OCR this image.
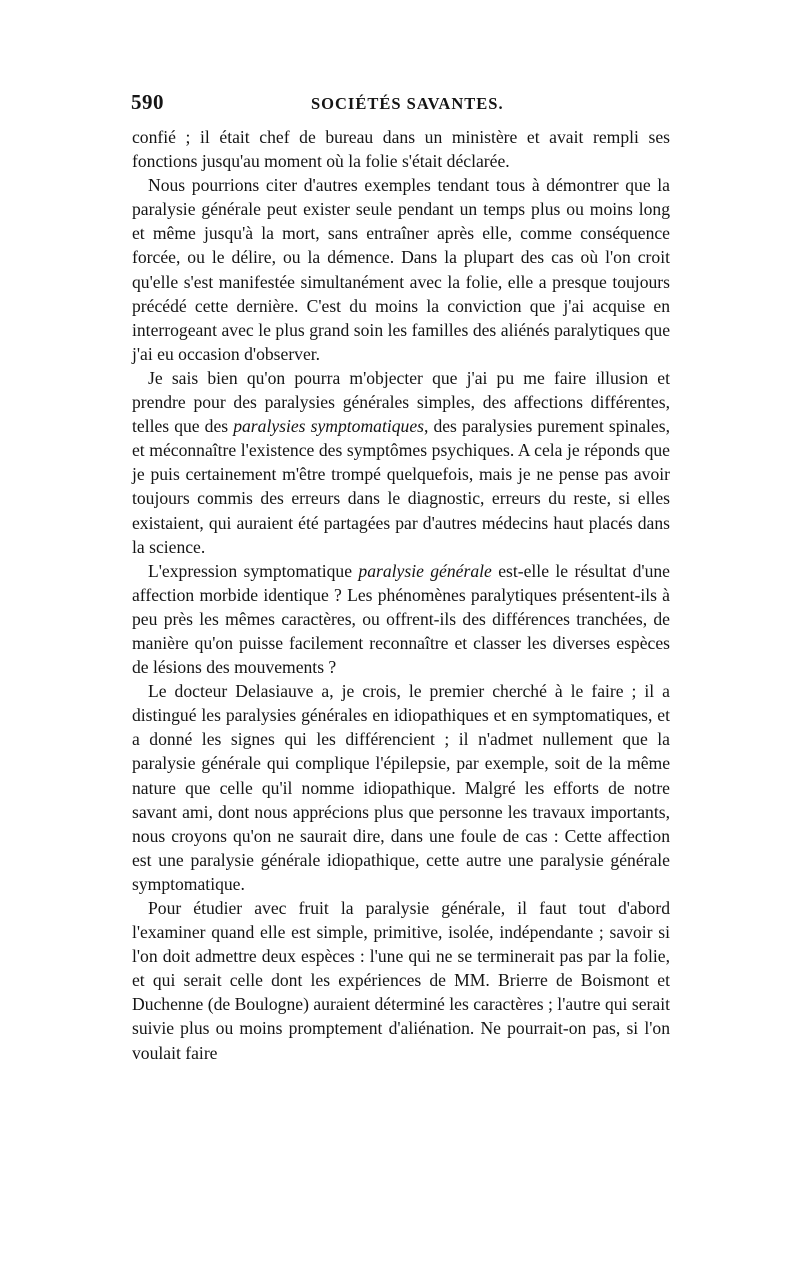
590	SOCIÉTÉS SAVANTES.

confié ; il était chef de bureau dans un ministère et avait rempli ses fonctions jusqu'au moment où la folie s'était déclarée.

Nous pourrions citer d'autres exemples tendant tous à démontrer que la paralysie générale peut exister seule pendant un temps plus ou moins long et même jusqu'à la mort, sans entraîner après elle, comme conséquence forcée, ou le délire, ou la démence. Dans la plupart des cas où l'on croit qu'elle s'est manifestée simultanément avec la folie, elle a presque toujours précédé cette dernière. C'est du moins la conviction que j'ai acquise en interrogeant avec le plus grand soin les familles des aliénés paralytiques que j'ai eu occasion d'observer.

Je sais bien qu'on pourra m'objecter que j'ai pu me faire illusion et prendre pour des paralysies générales simples, des affections différentes, telles que des paralysies symptomatiques, des paralysies purement spinales, et méconnaître l'existence des symptômes psychiques. A cela je réponds que je puis certainement m'être trompé quelquefois, mais je ne pense pas avoir toujours commis des erreurs dans le diagnostic, erreurs du reste, si elles existaient, qui auraient été partagées par d'autres médecins haut placés dans la science.

L'expression symptomatique paralysie générale est-elle le résultat d'une affection morbide identique ? Les phénomènes paralytiques présentent-ils à peu près les mêmes caractères, ou offrent-ils des différences tranchées, de manière qu'on puisse facilement reconnaître et classer les diverses espèces de lésions des mouvements ?

Le docteur Delasiauve a, je crois, le premier cherché à le faire ; il a distingué les paralysies générales en idiopathiques et en symptomatiques, et a donné les signes qui les différencient ; il n'admet nullement que la paralysie générale qui complique l'épilepsie, par exemple, soit de la même nature que celle qu'il nomme idiopathique. Malgré les efforts de notre savant ami, dont nous apprécions plus que personne les travaux importants, nous croyons qu'on ne saurait dire, dans une foule de cas : Cette affection est une paralysie générale idiopathique, cette autre une paralysie générale symptomatique.

Pour étudier avec fruit la paralysie générale, il faut tout d'abord l'examiner quand elle est simple, primitive, isolée, indépendante ; savoir si l'on doit admettre deux espèces : l'une qui ne se terminerait pas par la folie, et qui serait celle dont les expériences de MM. Brierre de Boismont et Duchenne (de Boulogne) auraient déterminé les caractères ; l'autre qui serait suivie plus ou moins promptement d'aliénation. Ne pourrait-on pas, si l'on voulait faire
